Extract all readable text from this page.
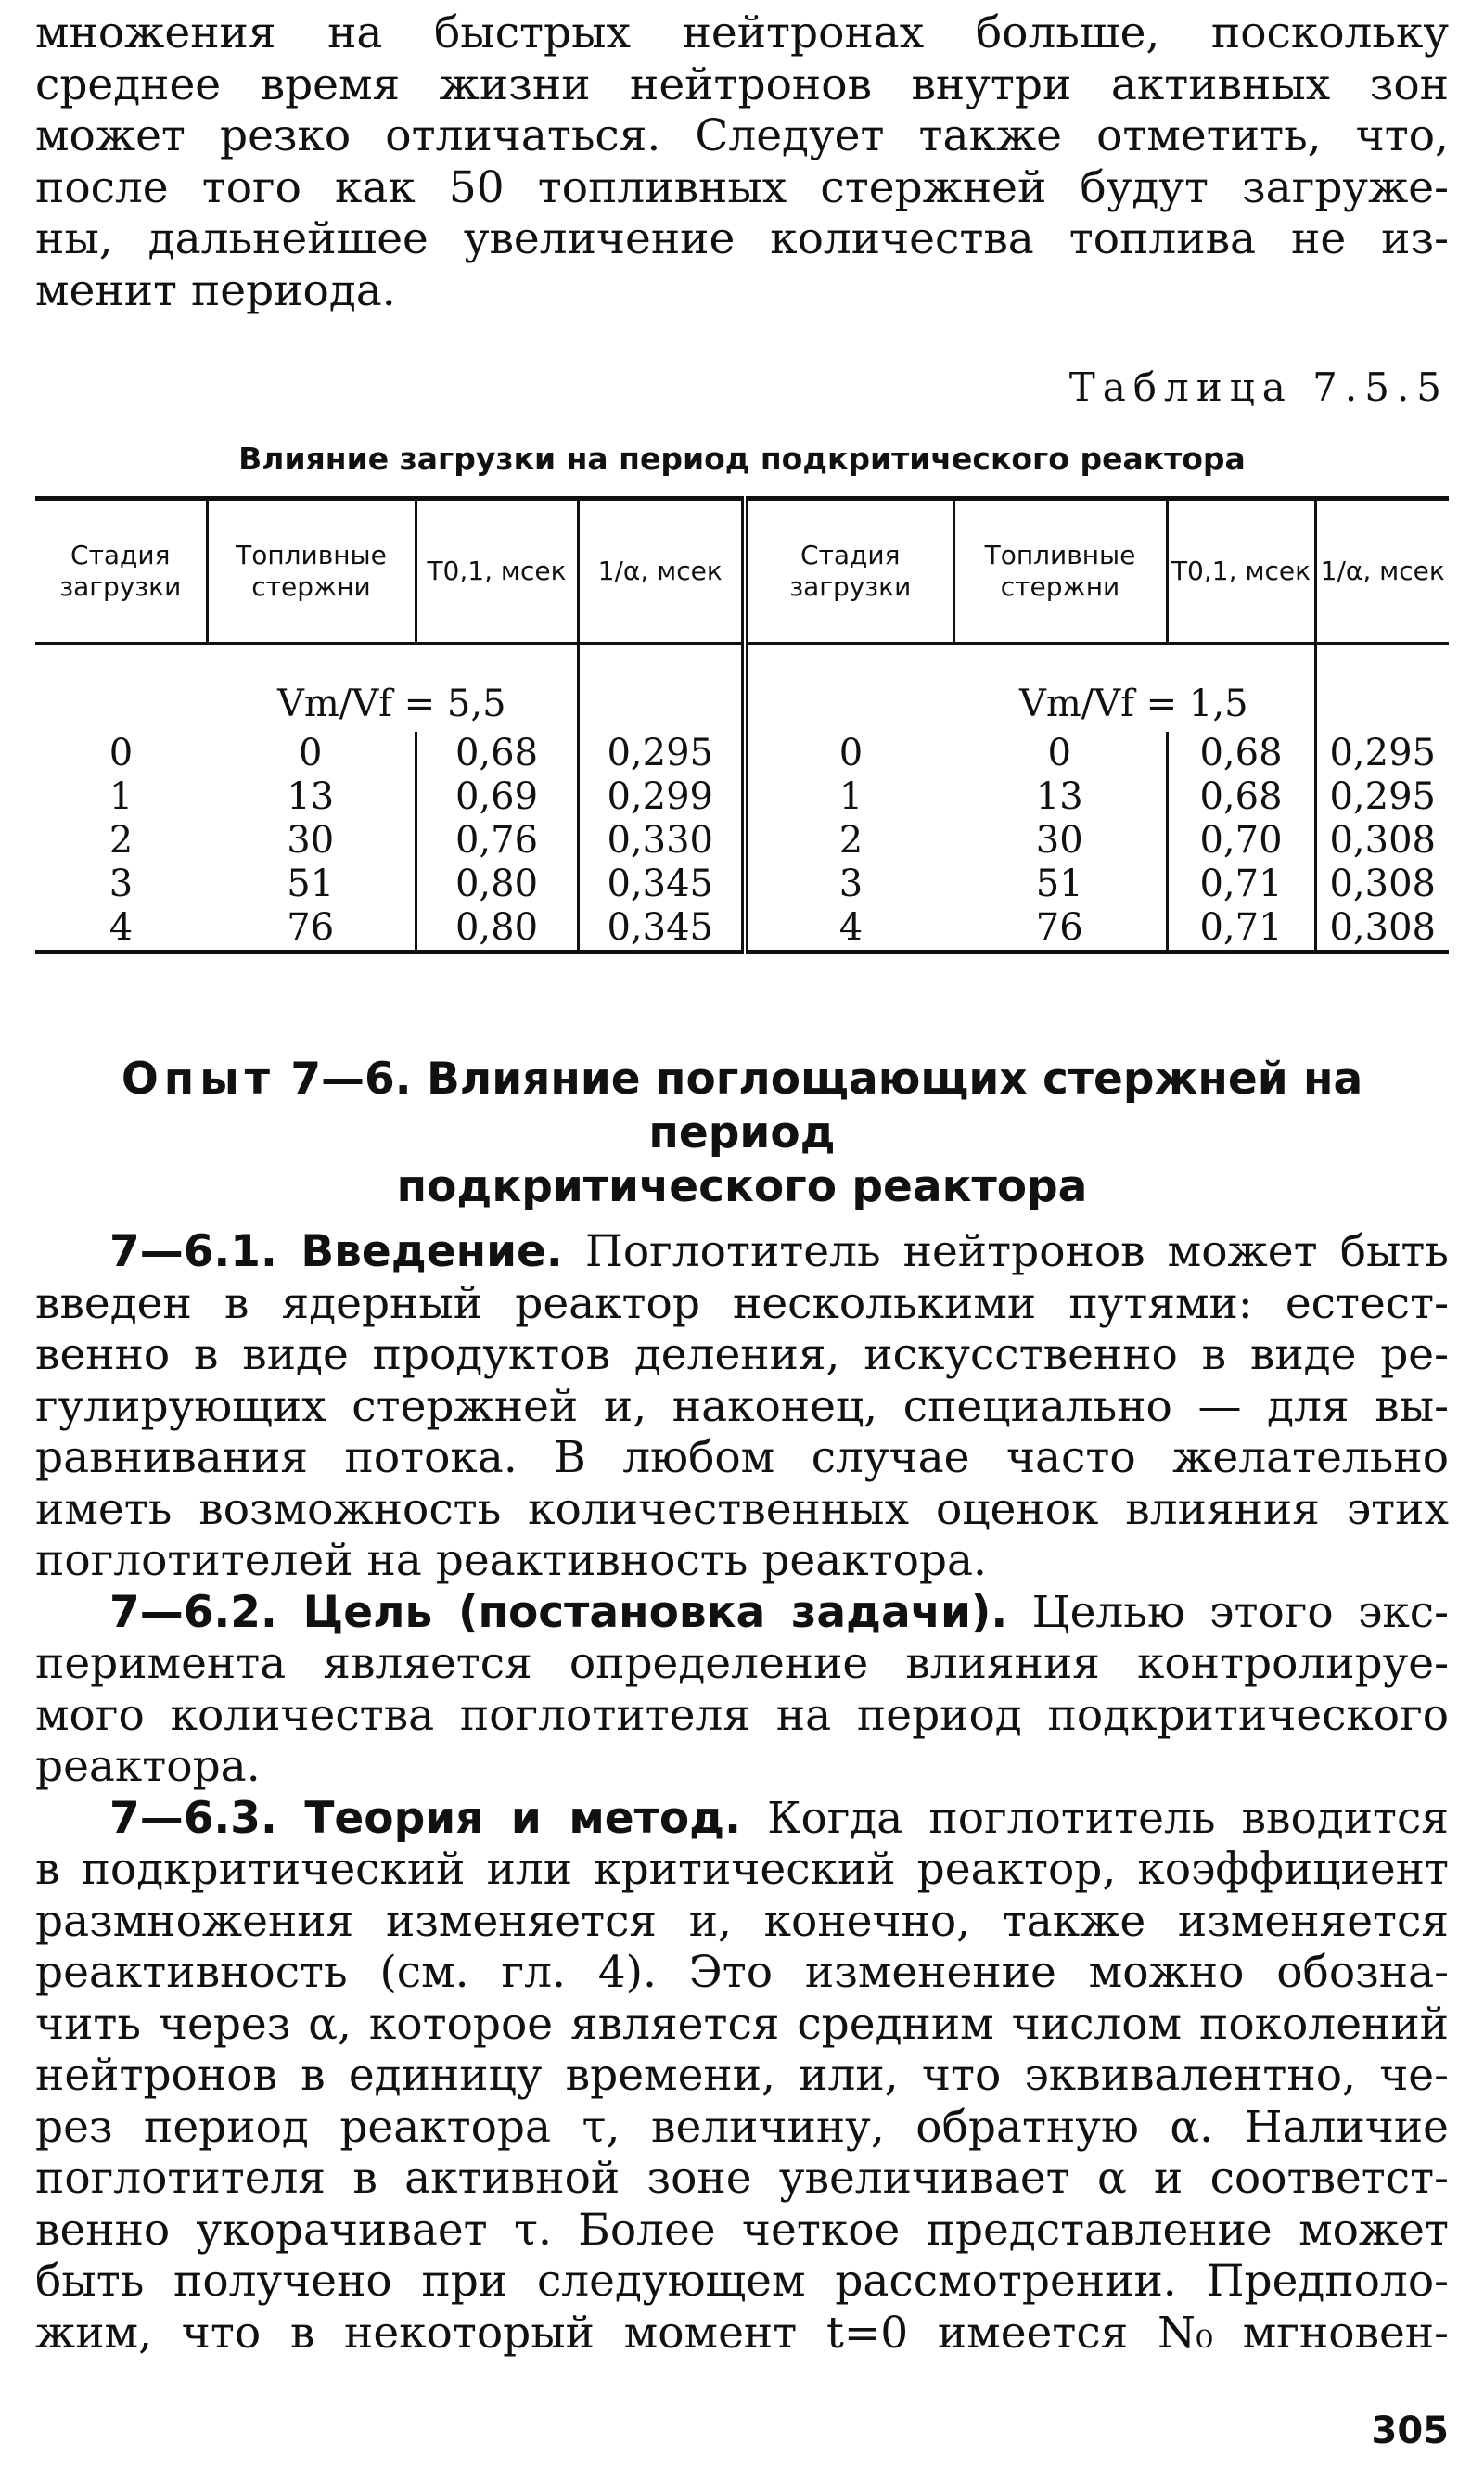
множения на быстрых нейтронах больше, поскольку
среднее время жизни нейтронов внутри активных зон
может резко отличаться. Следует также отметить, что,
после того как 50 топливных стержней будут загруже-
ны, дальнейшее увеличение количества топлива не из-
менит периода.
Таблица 7.5.5
Влияние загрузки на период подкритического реактора
Стадия загрузки	Топливные стержни	T0,1, мсек	1/α, мсек	Стадия загрузки	Топливные стержни	T0,1, мсек	1/α, мсек
	Vm/Vf = 5,5				Vm/Vf = 1,5		
0	0	0,68	0,295	0	0	0,68	0,295
1	13	0,69	0,299	1	13	0,68	0,295
2	30	0,76	0,330	2	30	0,70	0,308
3	51	0,80	0,345	3	51	0,71	0,308
4	76	0,80	0,345	4	76	0,71	0,308
Опыт 7—6. Влияние поглощающих стержней на период
подкритического реактора
7—6.1. Введение. Поглотитель нейтронов может быть
введен в ядерный реактор несколькими путями: естест-
венно в виде продуктов деления, искусственно в виде ре-
гулирующих стержней и, наконец, специально — для вы-
равнивания потока. В любом случае часто желательно
иметь возможность количественных оценок влияния этих
поглотителей на реактивность реактора.
7—6.2. Цель (постановка задачи). Целью этого экс-
перимента является определение влияния контролируе-
мого количества поглотителя на период подкритического
реактора.
7—6.3. Теория и метод. Когда поглотитель вводится
в подкритический или критический реактор, коэффициент
размножения изменяется и, конечно, также изменяется
реактивность (см. гл. 4). Это изменение можно обозна-
чить через α, которое является средним числом поколений
нейтронов в единицу времени, или, что эквивалентно, че-
рез период реактора τ, величину, обратную α. Наличие
поглотителя в активной зоне увеличивает α и соответст-
венно укорачивает τ. Более четкое представление может
быть получено при следующем рассмотрении. Предполо-
жим, что в некоторый момент t=0 имеется N₀ мгновен-
305
